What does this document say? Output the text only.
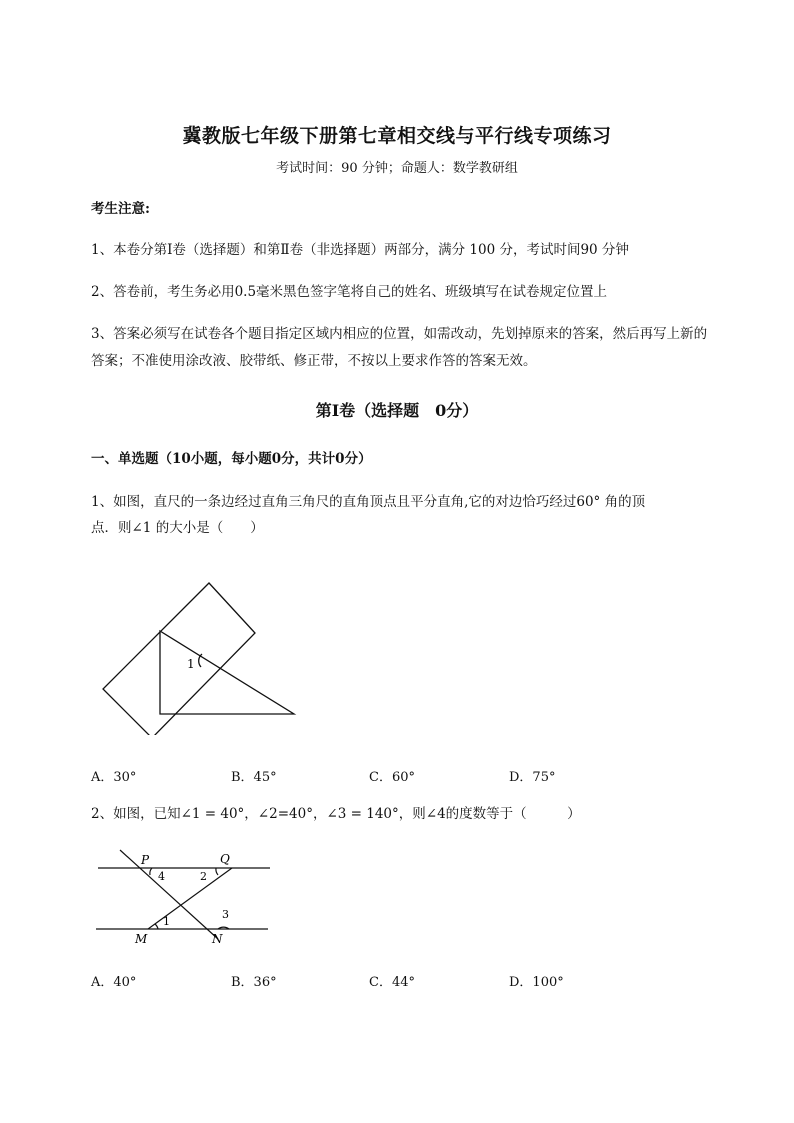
冀教版七年级下册第七章相交线与平行线专项练习
考试时间：90 分钟；命题人：数学教研组
考生注意:
1、本卷分第Ⅰ卷（选择题）和第Ⅱ卷（非选择题）两部分，满分 100 分，考试时间90 分钟
2、答卷前，考生务必用0.5毫米黑色签字笔将自己的姓名、班级填写在试卷规定位置上
3、答案必须写在试卷各个题目指定区域内相应的位置，如需改动，先划掉原来的答案，然后再写上新的答案；不准使用涂改液、胶带纸、修正带，不按以上要求作答的答案无效。
第Ⅰ卷（选择题　0分）
一、单选题（10小题，每小题0分，共计0分）
1、如图，直尺的一条边经过直角三角尺的直角顶点且平分直角,它的对边恰巧经过60° 角的顶
点．则∠1 的大小是（　　）
1
A．30°	B．45°	C．60°	D．75°
2、如图，已知∠1 = 40°，∠2=40°，∠3 = 140°，则∠4的度数等于（　　　）
P	Q
M	N
1
2
3
4
A．40°	B．36°	C．44°	D．100°
